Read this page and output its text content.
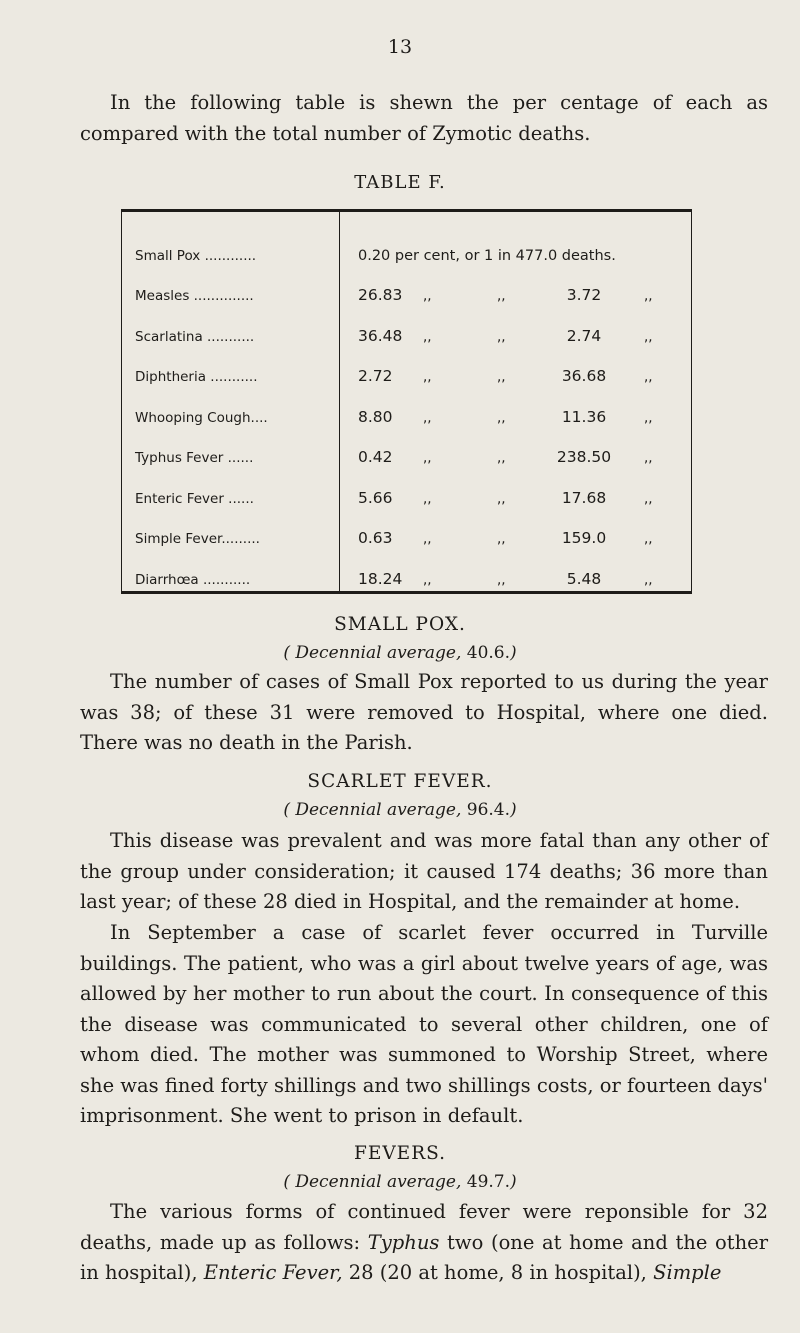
13

In the following table is shewn the per centage of each as compared with the total number of Zymotic deaths.

TABLE F.
Small Pox ............	0.20 per cent, or 1 in 477.0 deaths.
Measles ..............	26.83 ,,	,,	3.72	,,
Scarlatina ...........	36.48 ,,	,,	2.74	,,
Diphtheria ...........	2.72 ,,	,,	36.68	,,
Whooping Cough....	8.80 ,,	,,	11.36	,,
Typhus Fever ......	0.42 ,,	,,	238.50	,,
Enteric Fever ......	5.66 ,,	,,	17.68	,,
Simple Fever.........	0.63 ,,	,,	159.0	,,
Diarrhœa ...........	18.24 ,,	,,	5.48	,,
SMALL POX.
( Decennial average, 40.6.)

The number of cases of Small Pox reported to us during the year was 38; of these 31 were removed to Hospital, where one died. There was no death in the Parish.

SCARLET FEVER.
( Decennial average, 96.4.)

This disease was prevalent and was more fatal than any other of the group under consideration; it caused 174 deaths; 36 more than last year; of these 28 died in Hospital, and the remainder at home.

In September a case of scarlet fever occurred in Turville buildings. The patient, who was a girl about twelve years of age, was allowed by her mother to run about the court. In consequence of this the disease was communicated to several other children, one of whom died. The mother was summoned to Worship Street, where she was fined forty shillings and two shillings costs, or fourteen days' imprisonment. She went to prison in default.

FEVERS.
( Decennial average, 49.7.)

The various forms of continued fever were reponsible for 32 deaths, made up as follows: Typhus two (one at home and the other in hospital), Enteric Fever, 28 (20 at home, 8 in hospital), Simple
